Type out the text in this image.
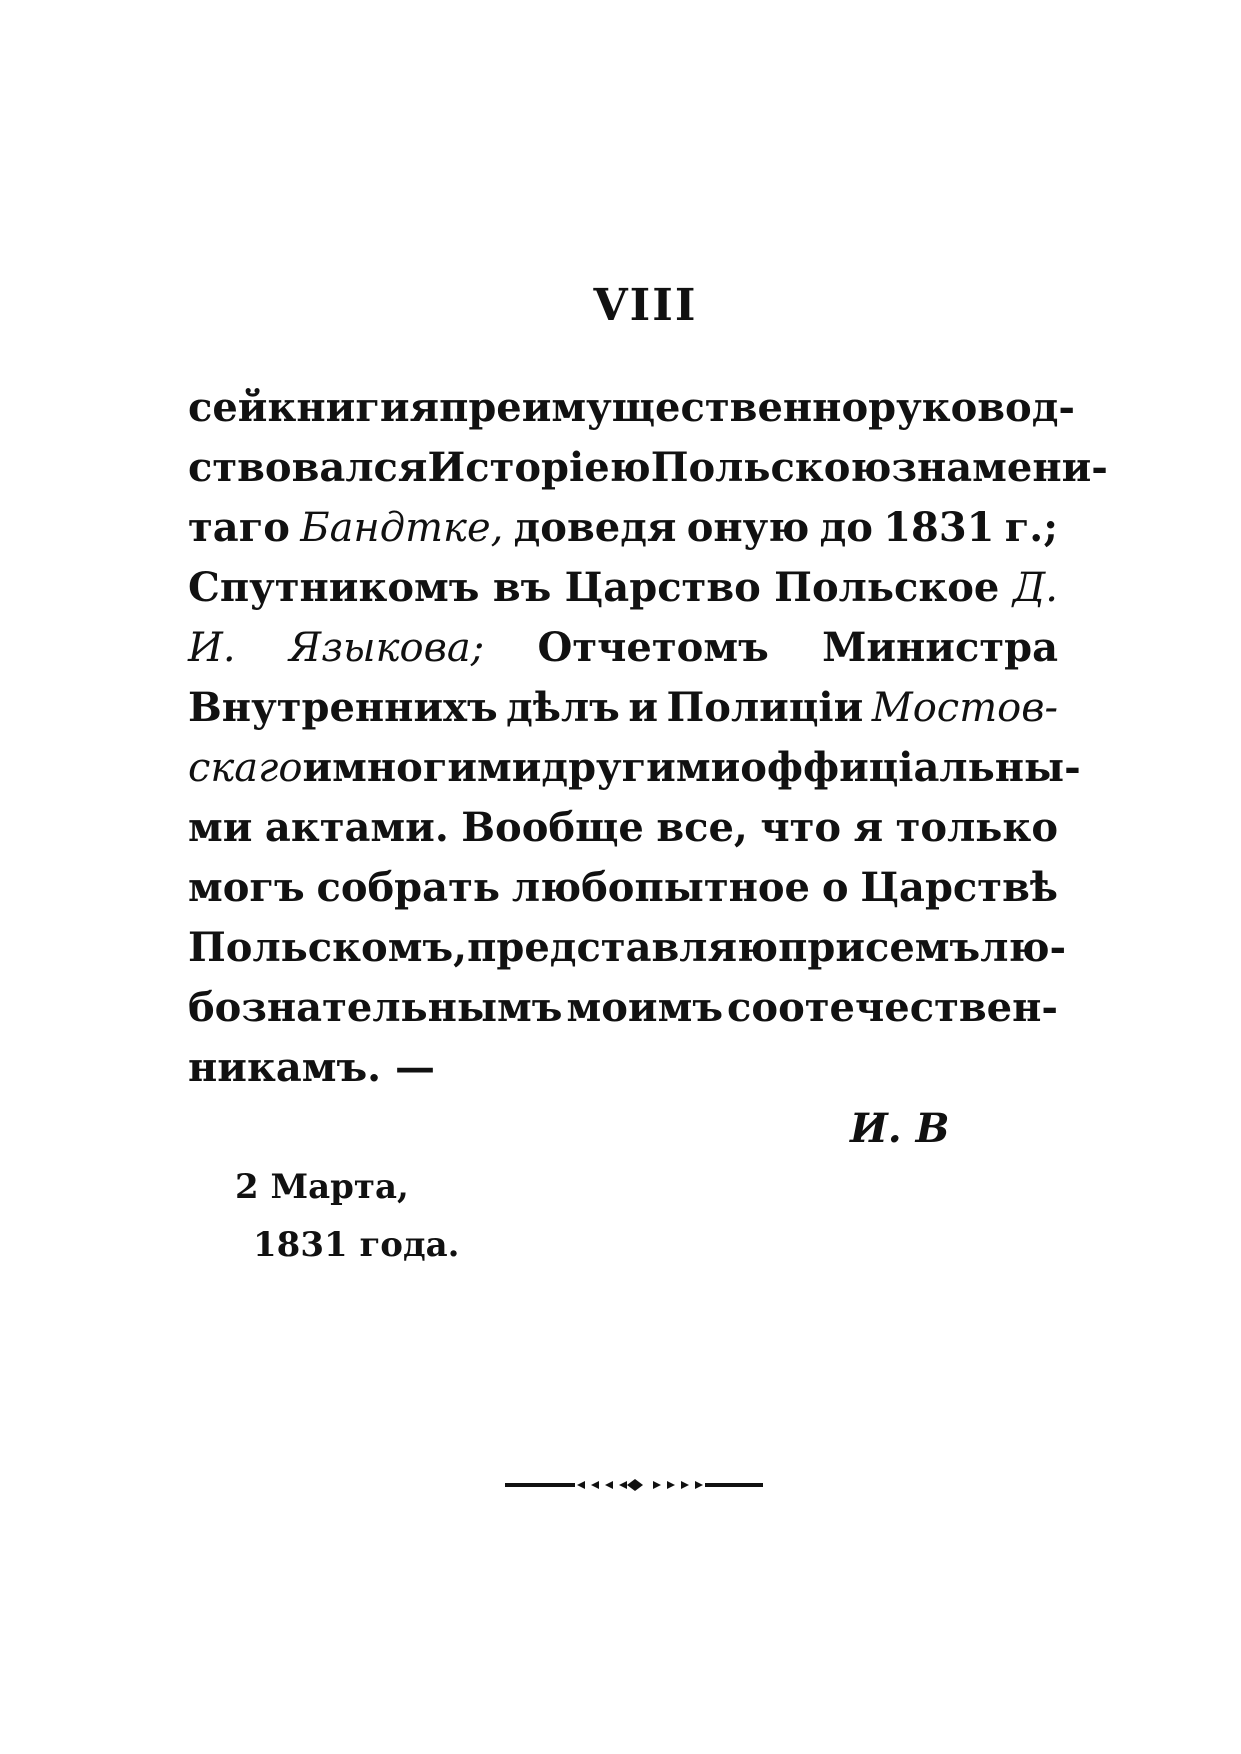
VIII
сей книги я преимущественно руковод-
ствовался Исторiею Польскою знамени-
таго Бандтке, доведя оную до 1831 г.;
Спутникомъ въ Царство Польское Д.
И. Языкова; Отчетомъ Министра
Внутреннихъ дѣлъ и Полицiи Мостов-
скаго и многими другими оффицiальны-
ми актами. Вообще все, что я только
могъ собрать любопытное о Царствѣ
Польскомъ, представляю при семъ лю-
бознательнымъ моимъ соотечествен-
никамъ. —
И. В
2 Марта,
1831 года.
